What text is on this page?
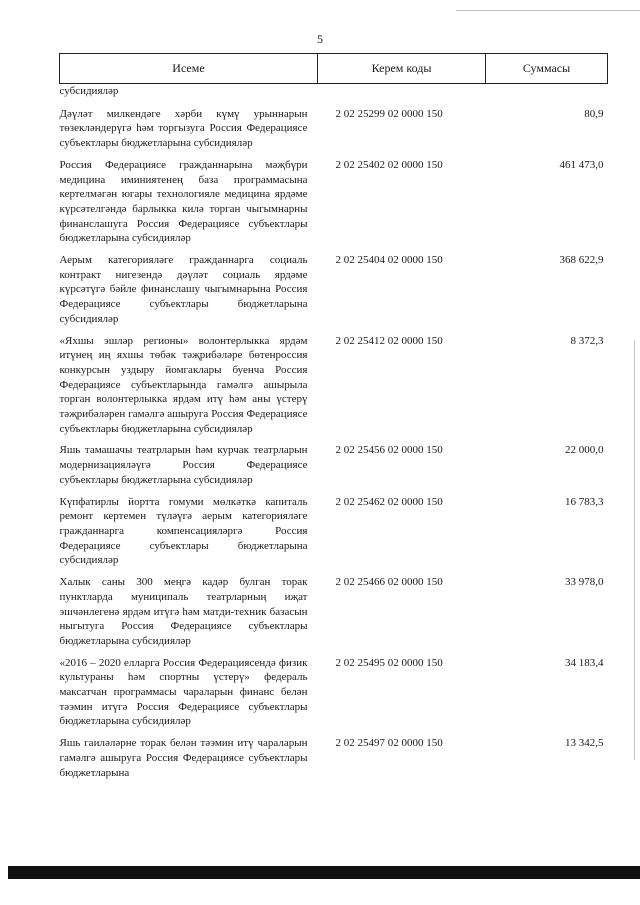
5
Исеме	Керем коды	Суммасы
субсидияләр		
Дәүләт милкендәге хәрби күмү урыннарын төзекләндерүгә һәм торгызуга Россия Федерациясе субъектлары бюджетларына субсидияләр	2 02 25299 02 0000 150	80,9
Россия Федерациясе гражданнарына мәҗбүри медицина иминиятенең база программасына кертелмәгән югары технологияле медицина ярдәме күрсәтелгәндә барлыкка килә торган чыгымнарны финанслашуга Россия Федерациясе субъектлары бюджетларына субсидияләр	2 02 25402 02 0000 150	461 473,0
Аерым категорияләге гражданнарга социаль контракт нигезендә дәүләт социаль ярдәме күрсәтүгә бәйле финанслашу чыгымнарына Россия Федерациясе субъектлары бюджетларына субсидияләр	2 02 25404 02 0000 150	368 622,9
«Яхшы эшләр регионы» волонтерлыкка ярдәм итүнең иң яхшы төбәк тәҗрибәләре бөтенроссия конкурсын уздыру йомгаклары буенча Россия Федерациясе субъектларында гамәлгә ашырыла торган волонтерлыкка ярдәм итү һәм аны үстерү тәҗрибәләрен гамәлгә ашыруга Россия Федерациясе субъектлары бюджетларына субсидияләр	2 02 25412 02 0000 150	8 372,3
Яшь тамашачы театрларын һәм курчак театрларын модернизацияләүгә Россия Федерациясе субъектлары бюджетларына субсидияләр	2 02 25456 02 0000 150	22 000,0
Күпфатирлы йортта гомуми мөлкәткә капиталь ремонт кертемен түләүгә аерым категорияләге гражданнарга компенсацияләргә Россия Федерациясе субъектлары бюджетларына субсидияләр	2 02 25462 02 0000 150	16 783,3
Халык саны 300 меңгә кадәр булган торак пунктларда муниципаль театрларның иҗат эшчәнлегенә ярдәм итүгә һәм матди-техник базасын ныгытуга Россия Федерациясе субъектлары бюджетларына субсидияләр	2 02 25466 02 0000 150	33 978,0
«2016 – 2020 елларга Россия Федерациясендә физик культураны һәм спортны үстерү» федераль максатчан программасы чараларын финанс белән тәэмин итүгә Россия Федерациясе субъектлары бюджетларына субсидияләр	2 02 25495 02 0000 150	34 183,4
Яшь гаиләләрне торак белән тәэмин итү чараларын гамәлгә ашыруга Россия Федерациясе субъектлары бюджетларына	2 02 25497 02 0000 150	13 342,5
